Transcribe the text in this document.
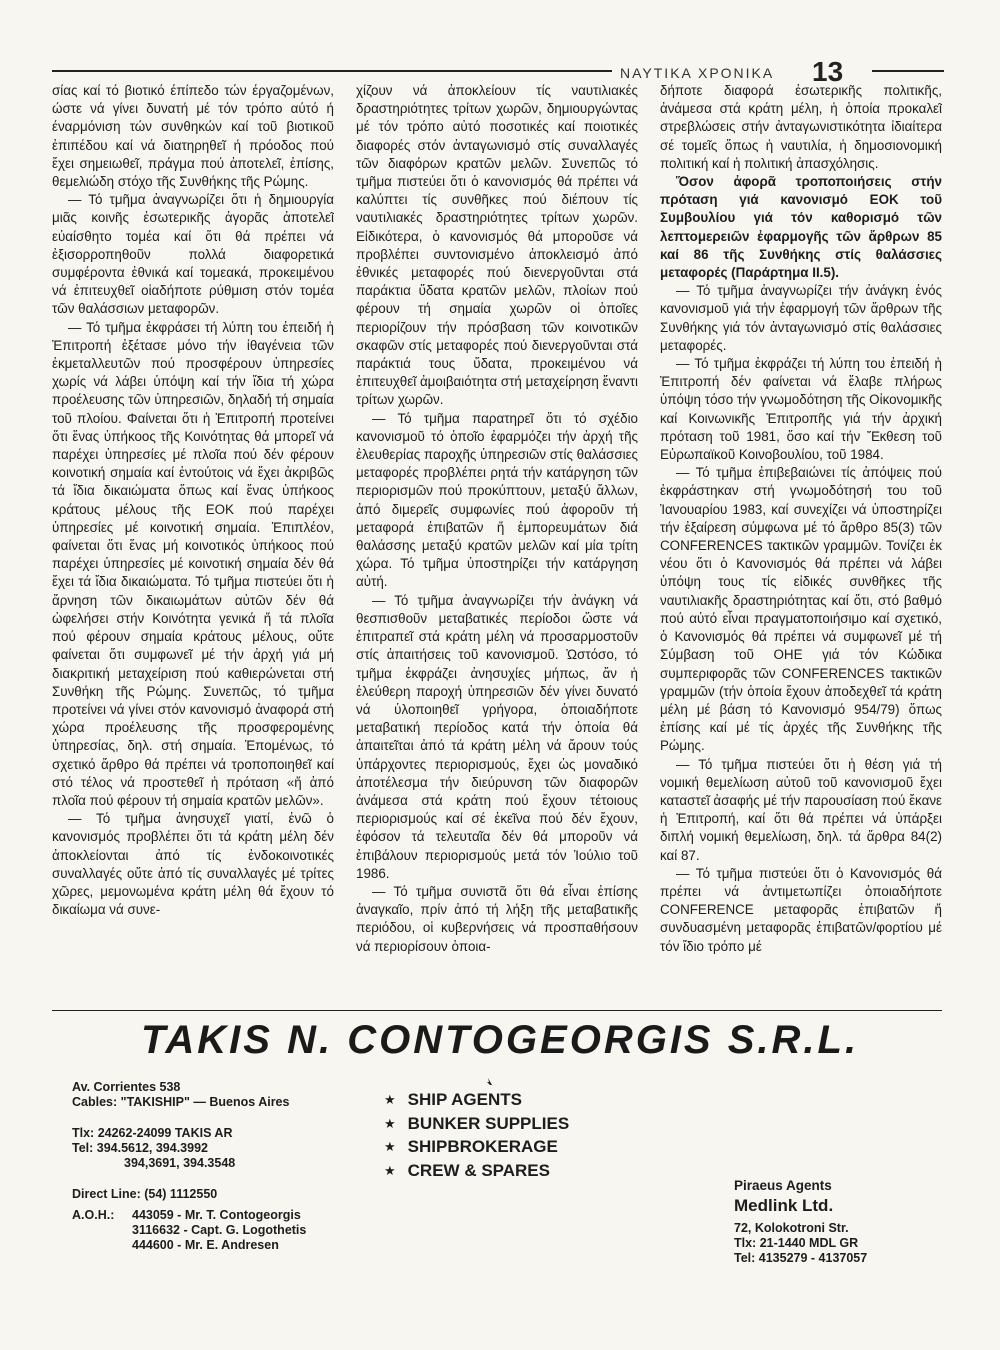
ΝΑΥΤΙΚΑ ΧΡΟΝΙΚΑ 13

σίας καί τό βιοτικό έπίπεδο τών έργαζομένων, ώστε νά γίνει δυνατή μέ τόν τρόπο αύτό ή έναρμόνιση τών συνθηκών καί τοῦ βιοτικοῦ ἐπιπέδου καί νά διατηρηθεῖ ή πρόοδος πού ἔχει σημειωθεῖ, πράγμα πού ἀποτελεῖ, ἐπίσης, θεμελιώδη στόχο τῆς Συνθήκης τῆς Ρώμης.

— Τό τμῆμα ἀναγνωρίζει ὅτι ἡ δημιουργία μιᾶς κοινῆς ἐσωτερικῆς ἀγορᾶς ἀποτελεῖ εὐαίσθητο τομέα καί ὅτι θά πρέπει νά ἐξισορροπηθοῦν πολλά διαφορετικά συμφέροντα ἐθνικά καί τομεακά, προκειμένου νά ἐπιτευχθεῖ οἱαδήποτε ρύθμιση στόν τομέα τῶν θαλάσσιων μεταφορῶν.

— Τό τμῆμα ἐκφράσει τή λύπη του ἐπειδή ἡ Ἐπιτροπή ἐξέτασε μόνο τήν ἰθαγένεια τῶν ἐκμεταλλευτῶν πού προσφέρουν ὑπηρεσίες χωρίς νά λάβει ὑπόψη καί τήν ἴδια τή χώρα προέλευσης τῶν ὑπηρεσιῶν, δηλαδή τή σημαία τοῦ πλοίου. Φαίνεται ὅτι ἡ Ἐπιτροπή προτείνει ὅτι ἕνας ὑπήκοος τῆς Κοινότητας θά μπορεῖ νά παρέχει ὑπηρεσίες μέ πλοῖα πού δέν φέρουν κοινοτική σημαία καί ἐντούτοις νά ἔχει ἀκριβῶς τά ἴδια δικαιώματα ὅπως καί ἕνας ὑπήκοος κράτους μέλους τῆς ΕΟΚ πού παρέχει ὑπηρεσίες μέ κοινοτική σημαία. Ἐπιπλέον, φαίνεται ὅτι ἕνας μή κοινοτικός ὑπήκοος πού παρέχει ὑπηρεσίες μέ κοινοτική σημαία δέν θά ἔχει τά ἴδια δικαιώματα. Τό τμῆμα πιστεύει ὅτι ἡ ἄρνηση τῶν δικαιωμάτων αὐτῶν δέν θά ὠφελήσει στήν Κοινότητα γενικά ἤ τά πλοῖα πού φέρουν σημαία κράτους μέλους, οὔτε φαίνεται ὅτι συμφωνεῖ μέ τήν ἀρχή γιά μή διακριτική μεταχείριση πού καθιερώνεται στή Συνθήκη τῆς Ρώμης. Συνεπῶς, τό τμῆμα προτείνει νά γίνει στόν κανονισμό ἀναφορά στή χώρα προέλευσης τῆς προσφερομένης ὑπηρεσίας, δηλ. στή σημαία. Ἑπομένως, τό σχετικό ἄρθρο θά πρέπει νά τροποποιηθεῖ καί στό τέλος νά προστεθεῖ ἡ πρόταση «ἤ ἀπό πλοῖα πού φέρουν τή σημαία κρατῶν μελῶν».

— Τό τμῆμα ἀνησυχεῖ γιατί, ἐνῶ ὁ κανονισμός προβλέπει ὅτι τά κράτη μέλη δέν ἀποκλείονται ἀπό τίς ἐνδοκοινοτικές συναλλαγές οὔτε ἀπό τίς συναλλαγές μέ τρίτες χῶρες, μεμονωμένα κράτη μέλη θά ἔχουν τό δικαίωμα νά συνε-

χίζουν νά ἀποκλείουν τίς ναυτιλιακές δραστηριότητες τρίτων χωρῶν, δημιουργώντας μέ τόν τρόπο αὐτό ποσοτικές καί ποιοτικές διαφορές στόν ἀνταγωνισμό στίς συναλλαγές τῶν διαφόρων κρατῶν μελῶν. Συνεπῶς τό τμῆμα πιστεύει ὅτι ὁ κανονισμός θά πρέπει νά καλύπτει τίς συνθῆκες πού διέπουν τίς ναυτιλιακές δραστηριότητες τρίτων χωρῶν. Εἰδικότερα, ὁ κανονισμός θά μποροῦσε νά προβλέπει συντονισμένο ἀποκλεισμό ἀπό ἐθνικές μεταφορές πού διενεργοῦνται στά παράκτια ὕδατα κρατῶν μελῶν, πλοίων πού φέρουν τή σημαία χωρῶν οἱ ὁποῖες περιορίζουν τήν πρόσβαση τῶν κοινοτικῶν σκαφῶν στίς μεταφορές πού διενεργοῦνται στά παράκτιά τους ὕδατα, προκειμένου νά ἐπιτευχθεῖ ἀμοιβαιότητα στή μεταχείρηση ἔναντι τρίτων χωρῶν.

— Τό τμῆμα παρατηρεῖ ὅτι τό σχέδιο κανονισμοῦ τό ὁποῖο ἐφαρμόζει τήν ἀρχή τῆς ἐλευθερίας παροχῆς ὑπηρεσιῶν στίς θαλάσσιες μεταφορές προβλέπει ρητά τήν κατάργηση τῶν περιορισμῶν πού προκύπτουν, μεταξύ ἄλλων, ἀπό διμερεῖς συμφωνίες πού ἀφοροῦν τή μεταφορά ἐπιβατῶν ἤ ἐμπορευμάτων διά θαλάσσης μεταξύ κρατῶν μελῶν καί μία τρίτη χώρα. Τό τμῆμα ὑποστηρίζει τήν κατάργηση αὐτή.

— Τό τμῆμα ἀναγνωρίζει τήν ἀνάγκη νά θεσπισθοῦν μεταβατικές περίοδοι ὥστε νά ἐπιτραπεῖ στά κράτη μέλη νά προσαρμοστοῦν στίς ἀπαιτήσεις τοῦ κανονισμοῦ. Ὡστόσο, τό τμῆμα ἐκφράζει ἀνησυχίες μήπως, ἄν ἡ ἐλεύθερη παροχή ὑπηρεσιῶν δέν γίνει δυνατό νά ὑλοποιηθεῖ γρήγορα, ὁποιαδήποτε μεταβατική περίοδος κατά τήν ὁποία θά ἀπαιτεῖται ἀπό τά κράτη μέλη νά ἄρουν τούς ὑπάρχοντες περιορισμούς, ἔχει ὡς μοναδικό ἀποτέλεσμα τήν διεύρυνση τῶν διαφορῶν ἀνάμεσα στά κράτη πού ἔχουν τέτοιους περιορισμούς καί σέ ἐκεῖνα πού δέν ἔχουν, ἐφόσον τά τελευταῖα δέν θά μποροῦν νά ἐπιβάλουν περιορισμούς μετά τόν Ἰούλιο τοῦ 1986.

— Τό τμῆμα συνιστᾶ ὅτι θά εἶναι ἐπίσης ἀναγκαῖο, πρίν ἀπό τή λήξη τῆς μεταβατικῆς περιόδου, οἱ κυβερνήσεις νά προσπαθήσουν νά περιορίσουν ὁποια-

δήποτε διαφορά ἐσωτερικῆς πολιτικῆς, ἀνάμεσα στά κράτη μέλη, ἡ ὁποία προκαλεῖ στρεβλώσεις στήν ἀνταγωνιστικότητα ἰδιαίτερα σέ τομεῖς ὅπως ἡ ναυτιλία, ἡ δημοσιονομική πολιτική καί ἡ πολιτική ἀπασχόλησις.

Ὅσον ἀφορᾶ τροποποιήσεις στήν πρόταση γιά κανονισμό ΕΟΚ τοῦ Συμβουλίου γιά τόν καθορισμό τῶν λεπτομερειῶν ἐφαρμογῆς τῶν ἄρθρων 85 καί 86 τῆς Συνθήκης στίς θαλάσσιες μεταφορές (Παράρτημα ΙΙ.5).

— Τό τμῆμα ἀναγνωρίζει τήν ἀνάγκη ἑνός κανονισμοῦ γιά τήν ἐφαρμογή τῶν ἄρθρων τῆς Συνθήκης γιά τόν ἀνταγωνισμό στίς θαλάσσιες μεταφορές.

— Τό τμῆμα ἐκφράζει τή λύπη του ἐπειδή ἡ Ἐπιτροπή δέν φαίνεται νά ἔλαβε πλήρως ὑπόψη τόσο τήν γνωμοδότηση τῆς Οἰκονομικῆς καί Κοινωνικῆς Ἐπιτροπῆς γιά τήν ἀρχική πρόταση τοῦ 1981, ὅσο καί τήν Ἔκθεση τοῦ Εὐρωπαϊκοῦ Κοινοβουλίου, τοῦ 1984.

— Τό τμῆμα ἐπιβεβαιώνει τίς ἀπόψεις πού ἐκφράστηκαν στή γνωμοδότησή του τοῦ Ἰανουαρίου 1983, καί συνεχίζει νά ὑποστηρίζει τήν ἐξαίρεση σύμφωνα μέ τό ἄρθρο 85(3) τῶν CONFERENCES τακτικῶν γραμμῶν. Τονίζει ἐκ νέου ὅτι ὁ Κανονισμός θά πρέπει νά λάβει ὑπόψη τους τίς εἰδικές συνθῆκες τῆς ναυτιλιακῆς δραστηριότητας καί ὅτι, στό βαθμό πού αὐτό εἶναι πραγματοποιήσιμο καί σχετικό, ὁ Κανονισμός θά πρέπει νά συμφωνεῖ μέ τή Σύμβαση τοῦ ΟΗΕ γιά τόν Κώδικα συμπεριφορᾶς τῶν CONFERENCES τακτικῶν γραμμῶν (τήν ὁποία ἔχουν ἀποδεχθεῖ τά κράτη μέλη μέ βάση τό Κανονισμό 954/79) ὅπως ἐπίσης καί μέ τίς ἀρχές τῆς Συνθήκης τῆς Ρώμης.

— Τό τμῆμα πιστεύει ὅτι ἡ θέση γιά τή νομική θεμελίωση αὐτοῦ τοῦ κανονισμοῦ ἔχει καταστεῖ ἀσαφής μέ τήν παρουσίαση πού ἔκανε ἡ Ἐπιτροπή, καί ὅτι θά πρέπει νά ὑπάρξει διπλή νομική θεμελίωση, δηλ. τά ἄρθρα 84(2) καί 87.

— Τό τμῆμα πιστεύει ὅτι ὁ Κανονισμός θά πρέπει νά ἀντιμετωπίζει ὁποιαδήποτε CONFERENCE μεταφορᾶς ἐπιβατῶν ἤ συνδυασμένη μεταφορᾶς ἐπιβατῶν/φορτίου μέ τόν ἴδιο τρόπο μέ

TAKIS N. CONTOGEORGIS S.R.L.
Av. Corrientes 538
Cables:
"TAKISHIP" — Buenos Aires
Tlx: 24262-24099 TAKIS AR
Tel: 394.5612, 394.3992
394,3691, 394.3548
Direct Line: (54) 1112550
A.O.H.:	443059 - Mr. T. Contogeorgis
3116632 - Capt. G. Logothetis
444600 - Mr. E. Andresen
★ SHIP AGENTS
★ BUNKER SUPPLIES
★ SHIPBROKERAGE
★ CREW & SPARES
Piraeus Agents
Medlink Ltd.
72, Kolokotroni Str.
Tlx: 21-1440 MDL GR
Tel: 4135279 - 4137057
